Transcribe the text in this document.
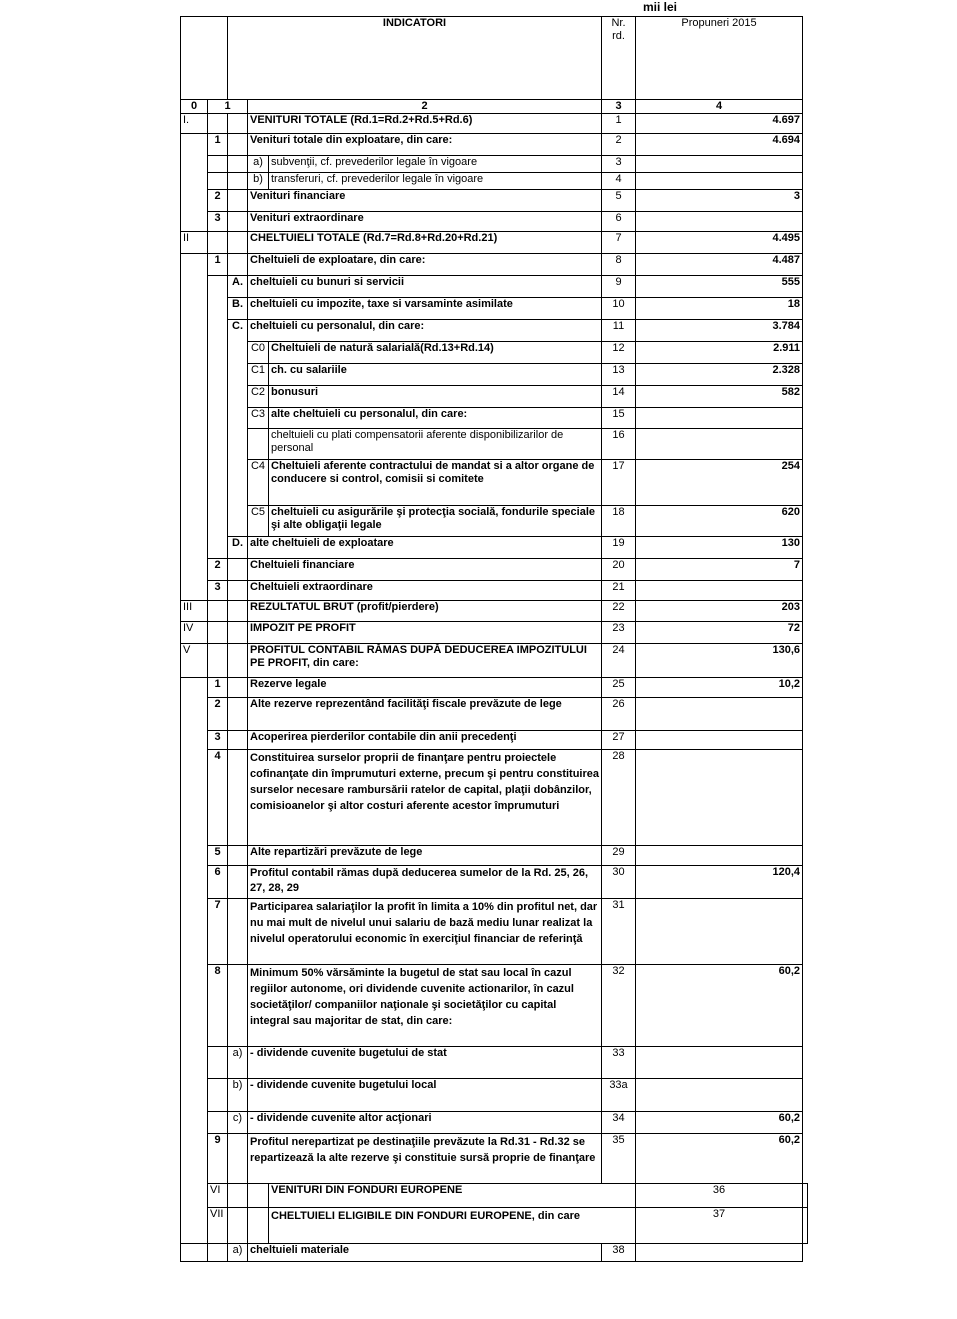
mii lei
		INDICATORI			Nr. rd.	Propuneri 2015	
0	1		2		3	4	
I.			VENITURI TOTALE (Rd.1=Rd.2+Rd.5+Rd.6)		1	4.697	
	1		Venituri totale din exploatare, din care:		2	4.694	
			a)	subvenţii, cf. prevederilor legale în vigoare	3		
			b)	transferuri, cf. prevederilor legale în vigoare	4		
	2		Venituri financiare		5	3	
	3		Venituri extraordinare		6		
II			CHELTUIELI TOTALE (Rd.7=Rd.8+Rd.20+Rd.21)		7	4.495	
	1		Cheltuieli de exploatare, din care:		8	4.487	
		A.	cheltuieli cu bunuri si servicii		9	555	
		B.	cheltuieli cu impozite, taxe si varsaminte asimilate		10	18	
		C.	cheltuieli cu personalul, din care:		11	3.784	
			C0	Cheltuieli de natură salarială(Rd.13+Rd.14)	12	2.911	
			C1	ch. cu salariile	13	2.328	
			C2	bonusuri	14	582	
			C3	alte cheltuieli cu personalul, din care:	15		
				cheltuieli cu plati compensatorii aferente disponibilizarilor de personal	16		
			C4	Cheltuieli aferente contractului de mandat si a altor organe de conducere si control, comisii si comitete	17	254	
			C5	cheltuieli cu asigurările şi protecţia socială, fondurile speciale şi alte obligaţii legale	18	620	
		D.	alte cheltuieli de exploatare		19	130	
	2		Cheltuieli financiare		20	7	
	3		Cheltuieli extraordinare		21		
III			REZULTATUL BRUT (profit/pierdere)		22	203	
IV			IMPOZIT PE PROFIT		23	72	
V			PROFITUL CONTABIL RĂMAS DUPĂ DEDUCEREA IMPOZITULUI PE PROFIT, din care:		24	130,6	
	1		Rezerve legale		25	10,2	
	2		Alte rezerve reprezentând facilităţi fiscale prevăzute de lege		26		
	3		Acoperirea pierderilor contabile din anii precedenţi		27		
	4		Constituirea surselor proprii de finanţare pentru proiectele cofinanţate din împrumuturi externe, precum şi pentru constituirea surselor necesare rambursării ratelor de capital, plaţii dobânzilor, comisioanelor şi altor costuri aferente acestor împrumuturi		28		
	5		Alte repartizări prevăzute de lege		29		
	6		Profitul contabil rămas după deducerea sumelor de la Rd. 25, 26, 27, 28, 29		30	120,4	
	7		Participarea salariaţilor la profit în limita a 10% din profitul net, dar nu mai mult de nivelul unui salariu de bază mediu lunar realizat la nivelul operatorului economic în exerciţiul financiar de referinţă		31		
	8		Minimum 50% vărsăminte la bugetul de stat sau local în cazul regiilor autonome, ori dividende cuvenite actionarilor, în cazul societăţilor/ companiilor naţionale şi societăţilor cu capital integral sau majoritar de stat, din care:		32	60,2	
		a)	- dividende cuvenite bugetului de stat		33		
		b)	- dividende cuvenite bugetului local		33a		
		c)	- dividende cuvenite altor acţionari		34	60,2	
	9		Profitul nerepartizat pe destinaţiile prevăzute la Rd.31 - Rd.32 se repartizează la alte rezerve şi constituie sursă proprie de finanţare		35	60,2	
	VI			VENITURI DIN FONDURI EUROPENE		36	
	VII			CHELTUIELI ELIGIBILE DIN FONDURI EUROPENE, din care		37	
		a)	cheltuieli materiale		38		
